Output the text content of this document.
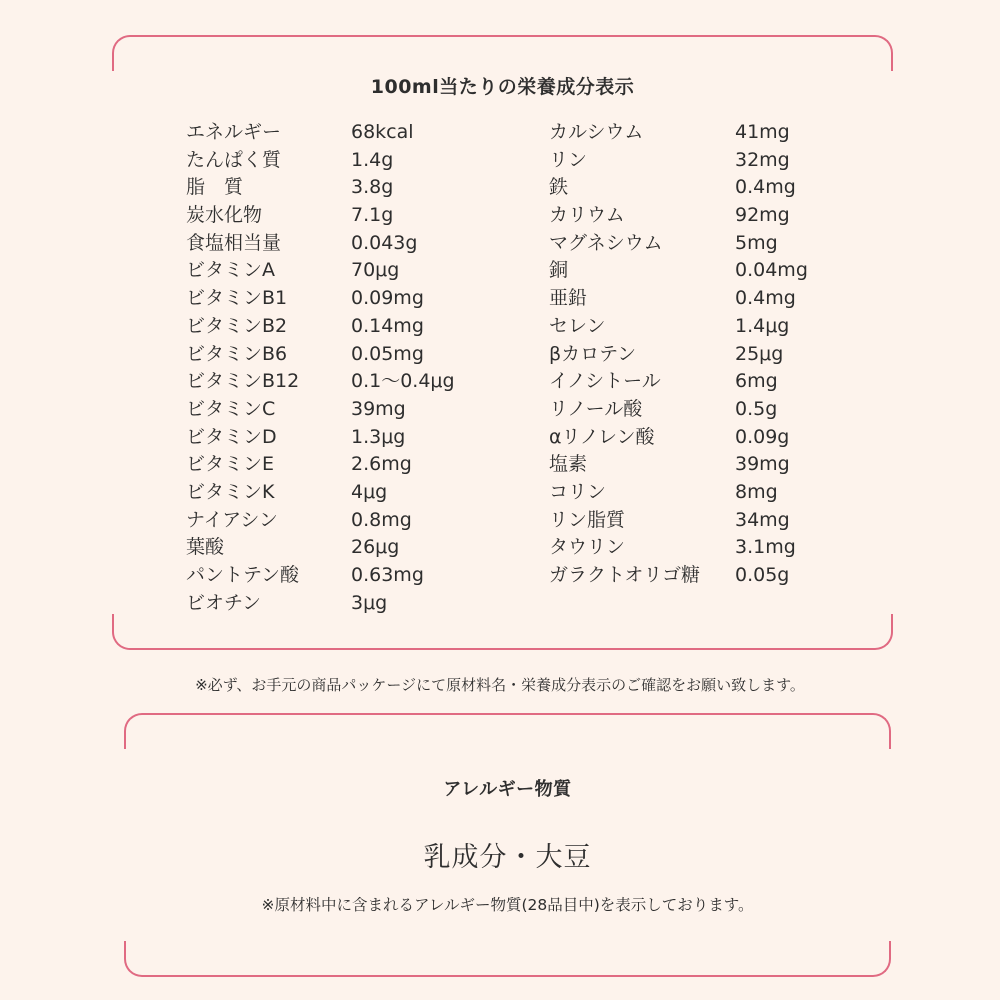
100ml当たりの栄養成分表示
エネルギー	68kcal
たんぱく質	1.4g
脂　質	3.8g
炭水化物	7.1g
食塩相当量	0.043g
ビタミンA	70μg
ビタミンB1	0.09mg
ビタミンB2	0.14mg
ビタミンB6	0.05mg
ビタミンB12	0.1〜0.4μg
ビタミンC	39mg
ビタミンD	1.3μg
ビタミンE	2.6mg
ビタミンK	4μg
ナイアシン	0.8mg
葉酸	26μg
パントテン酸	0.63mg
ビオチン	3μg
カルシウム	41mg
リン	32mg
鉄	0.4mg
カリウム	92mg
マグネシウム	5mg
銅	0.04mg
亜鉛	0.4mg
セレン	1.4μg
βカロテン	25μg
イノシトール	6mg
リノール酸	0.5g
αリノレン酸	0.09g
塩素	39mg
コリン	8mg
リン脂質	34mg
タウリン	3.1mg
ガラクトオリゴ糖 0.05g
※必ず、お手元の商品パッケージにて原材料名・栄養成分表示のご確認をお願い致します。
アレルギー物質
乳成分・大豆
※原材料中に含まれるアレルギー物質(28品目中)を表示しております。
